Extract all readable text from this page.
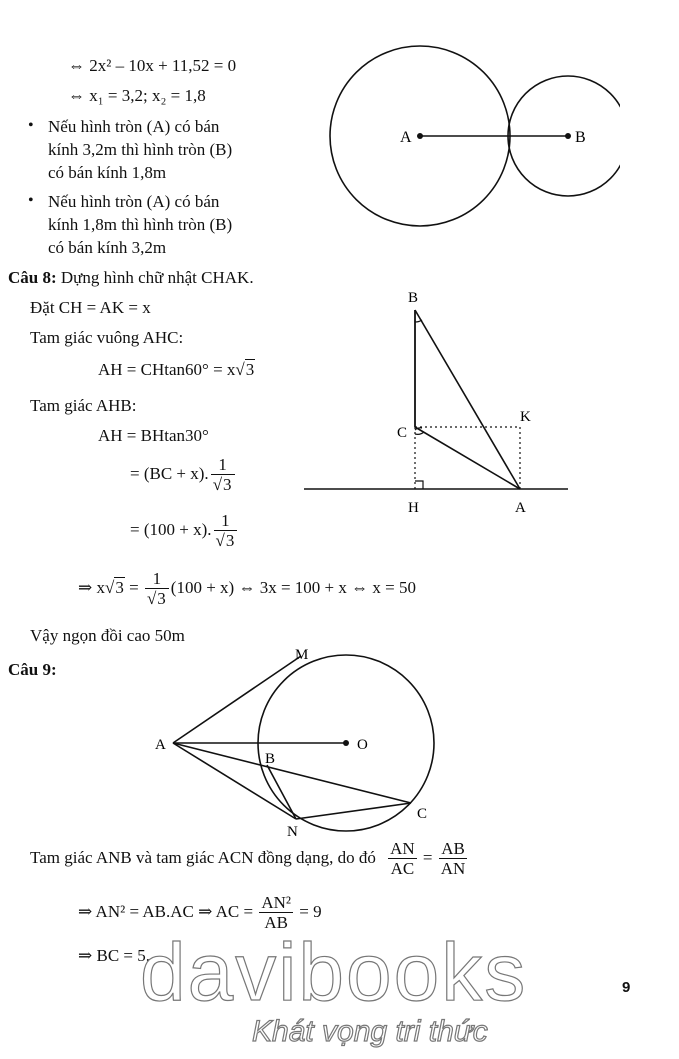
⇔ 2x² – 10x + 11,52 = 0
⇔ x₁ = 3,2; x₂ = 1,8
• Nếu hình tròn (A) có bán
kính 3,2m thì hình tròn (B)
có bán kính 1,8m
• Nếu hình tròn (A) có bán
kính 1,8m thì hình tròn (B)
có bán kính 3,2m
A	B
Câu 8: Dựng hình chữ nhật CHAK.
Đặt CH = AK = x
Tam giác vuông AHC:
AH = CHtan60° = x√3
Tam giác AHB:
AH = BHtan30°
= (BC + x). $\frac{1}{√3}$
= (100 + x). $\frac{1}{√3}$
⇒ $x√3 = \frac{1}{√3} (100 + x)$ ⇔ 3x = 100 + x ⇔ x = 50
Vậy ngọn đồi cao 50m
B
K
C
H	A
Câu 9:
M
O
A
B
C
N
Tam giác ANB và tam giác ACN đồng dạng, do đó $\frac{AN}{AC} = \frac{AB}{AN}$
⇒ AN² = AB.AC ⇒ AC = $\frac{\text{AN²}}{AB} = 9$
⇒ BC = 5.
9
davibooks
Khát vọng tri thức
